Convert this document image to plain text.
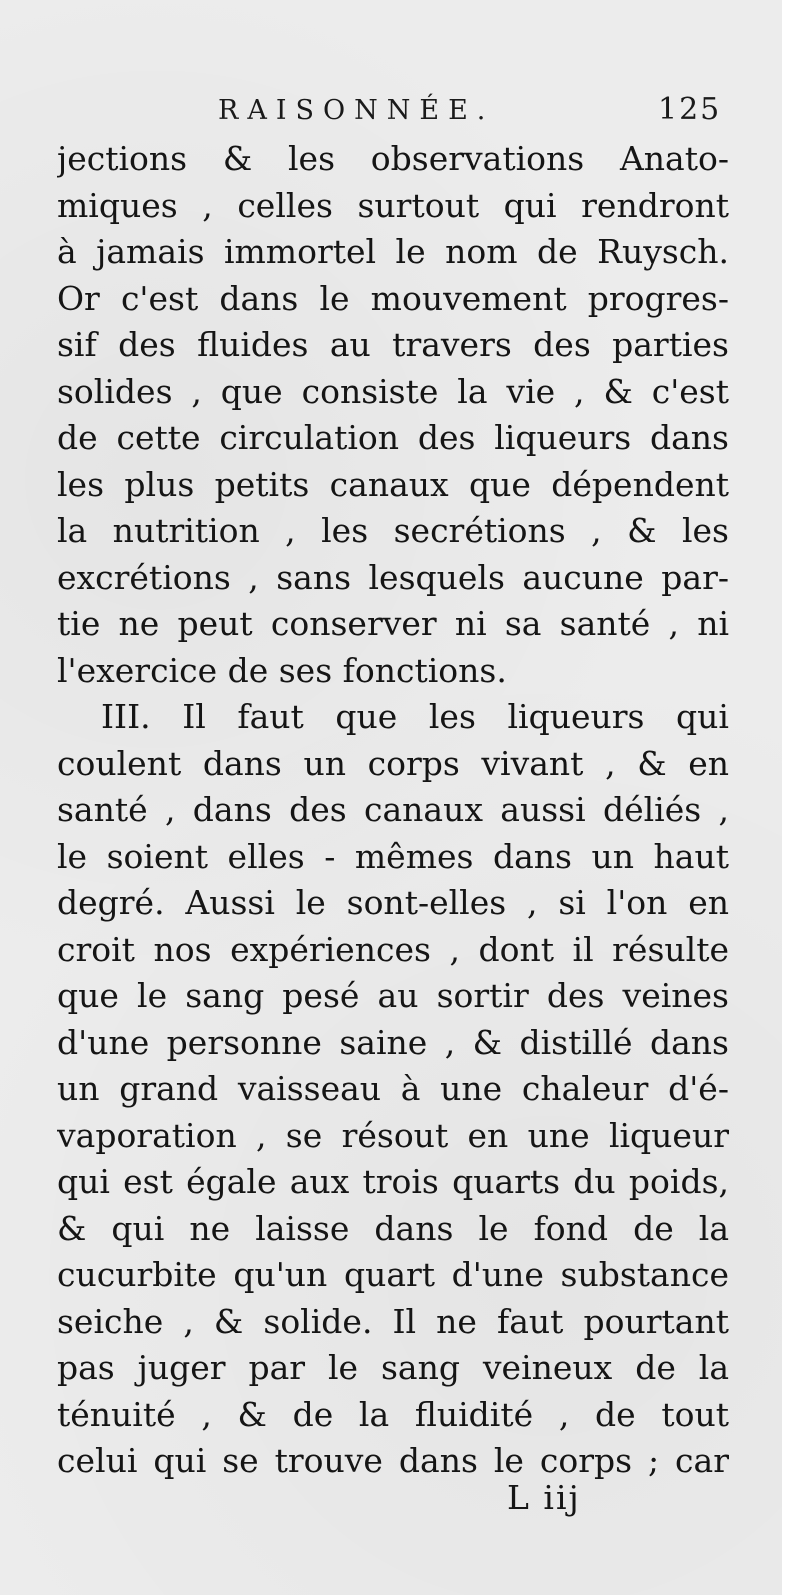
RAISONNÉE.	125
jections & les observations Anato-
miques , celles surtout qui rendront
à jamais immortel le nom de Ruysch.
Or c'est dans le mouvement progres-
sif des fluides au travers des parties
solides , que consiste la vie , & c'est
de cette circulation des liqueurs dans
les plus petits canaux que dépendent
la nutrition , les secrétions , & les
excrétions , sans lesquels aucune par-
tie ne peut conserver ni sa santé , ni
l'exercice de ses fonctions.
III. Il faut que les liqueurs qui
coulent dans un corps vivant , & en
santé , dans des canaux aussi déliés ,
le soient elles - mêmes dans un haut
degré. Aussi le sont-elles , si l'on en
croit nos expériences , dont il résulte
que le sang pesé au sortir des veines
d'une personne saine , & distillé dans
un grand vaisseau à une chaleur d'é-
vaporation , se résout en une liqueur
qui est égale aux trois quarts du poids,
& qui ne laisse dans le fond de la
cucurbite qu'un quart d'une substance
seiche , & solide. Il ne faut pourtant
pas juger par le sang veineux de la
ténuité , & de la fluidité , de tout
celui qui se trouve dans le corps ; car
L iij
